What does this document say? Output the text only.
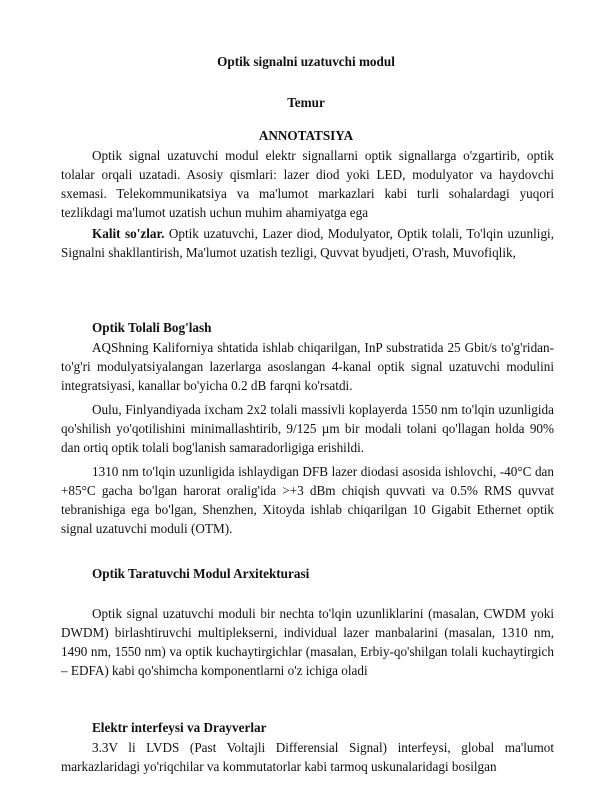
Optik signalni uzatuvchi modul

Temur

ANNOTATSIYA

Optik signal uzatuvchi modul elektr signallarni optik signallarga o'zgartirib, optik tolalar orqali uzatadi. Asosiy qismlari: lazer diod yoki LED, modulyator va haydovchi sxemasi. Telekommunikatsiya va ma'lumot markazlari kabi turli sohalardagi yuqori tezlikdagi ma'lumot uzatish uchun muhim ahamiyatga ega

Kalit so'zlar. Optik uzatuvchi, Lazer diod, Modulyator, Optik tolali, To'lqin uzunligi, Signalni shakllantirish, Ma'lumot uzatish tezligi, Quvvat byudjeti, O'rash, Muvofiqlik,

Optik Tolali Bog'lash

AQShning Kaliforniya shtatida ishlab chiqarilgan, InP substratida 25 Gbit/s to'g'ridan-to'g'ri modulyatsiyalangan lazerlarga asoslangan 4-kanal optik signal uzatuvchi modulini integratsiyasi, kanallar bo'yicha 0.2 dB farqni ko'rsatdi.

Oulu, Finlyandiyada ixcham 2x2 tolali massivli koplayerda 1550 nm to'lqin uzunligida qo'shilish yo'qotilishini minimallashtirib, 9/125 µm bir modali tolani qo'llagan holda 90% dan ortiq optik tolali bog'lanish samaradorligiga erishildi.

1310 nm to'lqin uzunligida ishlaydigan DFB lazer diodasi asosida ishlovchi, -40°C dan +85°C gacha bo'lgan harorat oralig'ida >+3 dBm chiqish quvvati va 0.5% RMS quvvat tebranishiga ega bo'lgan, Shenzhen, Xitoyda ishlab chiqarilgan 10 Gigabit Ethernet optik signal uzatuvchi moduli (OTM).

Optik Taratuvchi Modul Arxitekturasi

Optik signal uzatuvchi moduli bir nechta to'lqin uzunliklarini (masalan, CWDM yoki DWDM) birlashtiruvchi multiplekserni, individual lazer manbalarini (masalan, 1310 nm, 1490 nm, 1550 nm) va optik kuchaytirgichlar (masalan, Erbiy-qo'shilgan tolali kuchaytirgich – EDFA) kabi qo'shimcha komponentlarni o'z ichiga oladi

Elektr interfeysi va Drayverlar

3.3V li LVDS (Past Voltajli Differensial Signal) interfeysi, global ma'lumot markazlaridagi yo'riqchilar va kommutatorlar kabi tarmoq uskunalaridagi bosilgan
